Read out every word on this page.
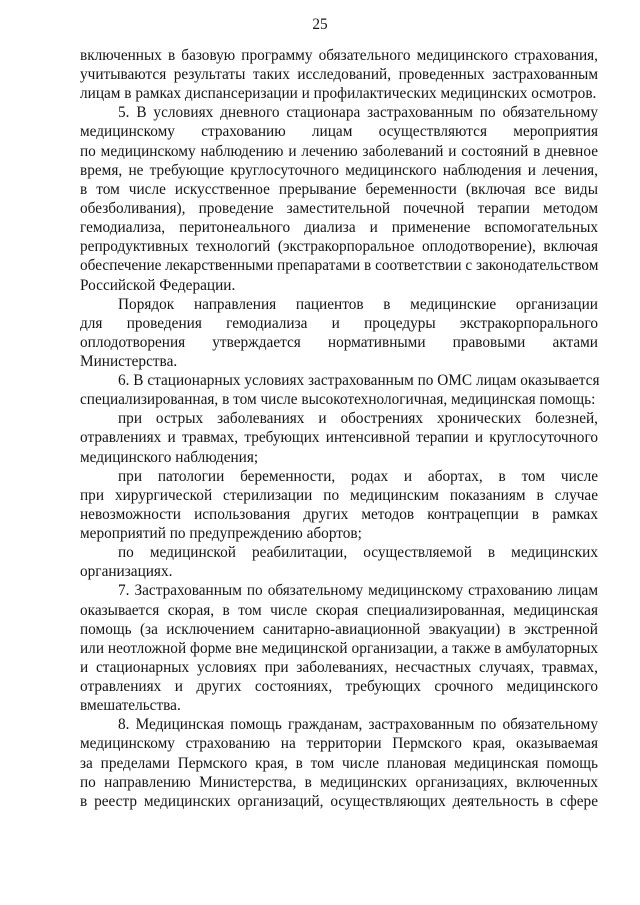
25
включенных в базовую программу обязательного медицинского страхования,
учитываются результаты таких исследований, проведенных застрахованным
лицам в рамках диспансеризации и профилактических медицинских осмотров.
5. В условиях дневного стационара застрахованным по обязательному
медицинскому страхованию лицам осуществляются мероприятия
по медицинскому наблюдению и лечению заболеваний и состояний в дневное
время, не требующие круглосуточного медицинского наблюдения и лечения,
в том числе искусственное прерывание беременности (включая все виды
обезболивания), проведение заместительной почечной терапии методом
гемодиализа, перитонеального диализа и применение вспомогательных
репродуктивных технологий (экстракорпоральное оплодотворение), включая
обеспечение лекарственными препаратами в соответствии с законодательством
Российской Федерации.
Порядок направления пациентов в медицинские организации
для проведения гемодиализа и процедуры экстракорпорального
оплодотворения утверждается нормативными правовыми актами
Министерства.
6. В стационарных условиях застрахованным по ОМС лицам оказывается
специализированная, в том числе высокотехнологичная, медицинская помощь:
при острых заболеваниях и обострениях хронических болезней,
отравлениях и травмах, требующих интенсивной терапии и круглосуточного
медицинского наблюдения;
при патологии беременности, родах и абортах, в том числе
при хирургической стерилизации по медицинским показаниям в случае
невозможности использования других методов контрацепции в рамках
мероприятий по предупреждению абортов;
по медицинской реабилитации, осуществляемой в медицинских
организациях.
7. Застрахованным по обязательному медицинскому страхованию лицам
оказывается скорая, в том числе скорая специализированная, медицинская
помощь (за исключением санитарно-авиационной эвакуации) в экстренной
или неотложной форме вне медицинской организации, а также в амбулаторных
и стационарных условиях при заболеваниях, несчастных случаях, травмах,
отравлениях и других состояниях, требующих срочного медицинского
вмешательства.
8. Медицинская помощь гражданам, застрахованным по обязательному
медицинскому страхованию на территории Пермского края, оказываемая
за пределами Пермского края, в том числе плановая медицинская помощь
по направлению Министерства, в медицинских организациях, включенных
в реестр медицинских организаций, осуществляющих деятельность в сфере
